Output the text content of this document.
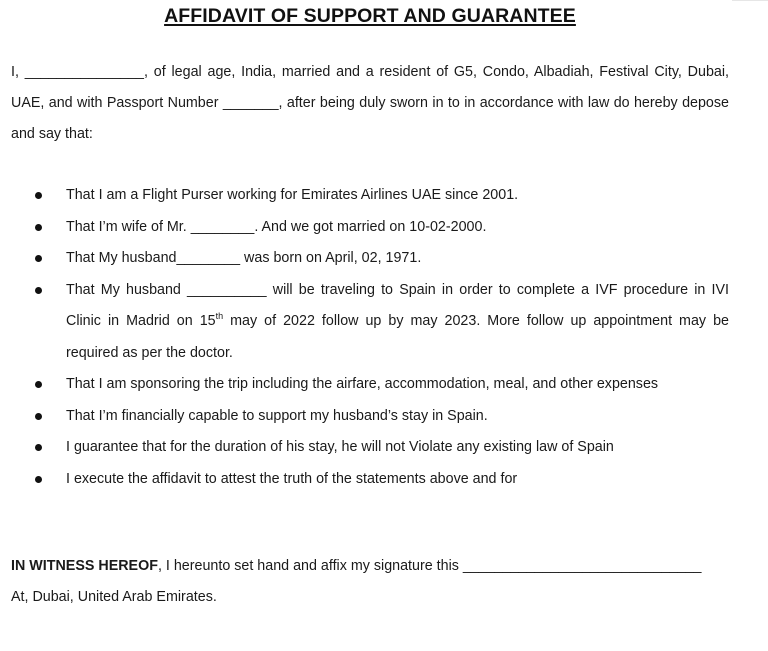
AFFIDAVIT OF SUPPORT AND GUARANTEE
I, _______________, of legal age, India, married and a resident of G5, Condo, Albadiah, Festival City, Dubai, UAE, and with Passport Number _______, after being duly sworn in to in accordance with law do hereby depose and say that:
That I am a Flight Purser working for Emirates Airlines UAE since 2001.
That I’m wife of Mr. ________. And we got married on 10-02-2000.
That My husband________ was born on April, 02, 1971.
That My husband __________ will be traveling to Spain in order to complete a IVF procedure in IVI Clinic in Madrid on 15th may of 2022 follow up by may 2023. More follow up appointment may be required as per the doctor.
That I am sponsoring the trip including the airfare, accommodation, meal, and other expenses
That I’m financially capable to support my husband’s stay in Spain.
I guarantee that for the duration of his stay, he will not Violate any existing law of Spain
I execute the affidavit to attest the truth of the statements above and for
IN WITNESS HEREOF, I hereunto set hand and affix my signature this ______________________________
At, Dubai, United Arab Emirates.
